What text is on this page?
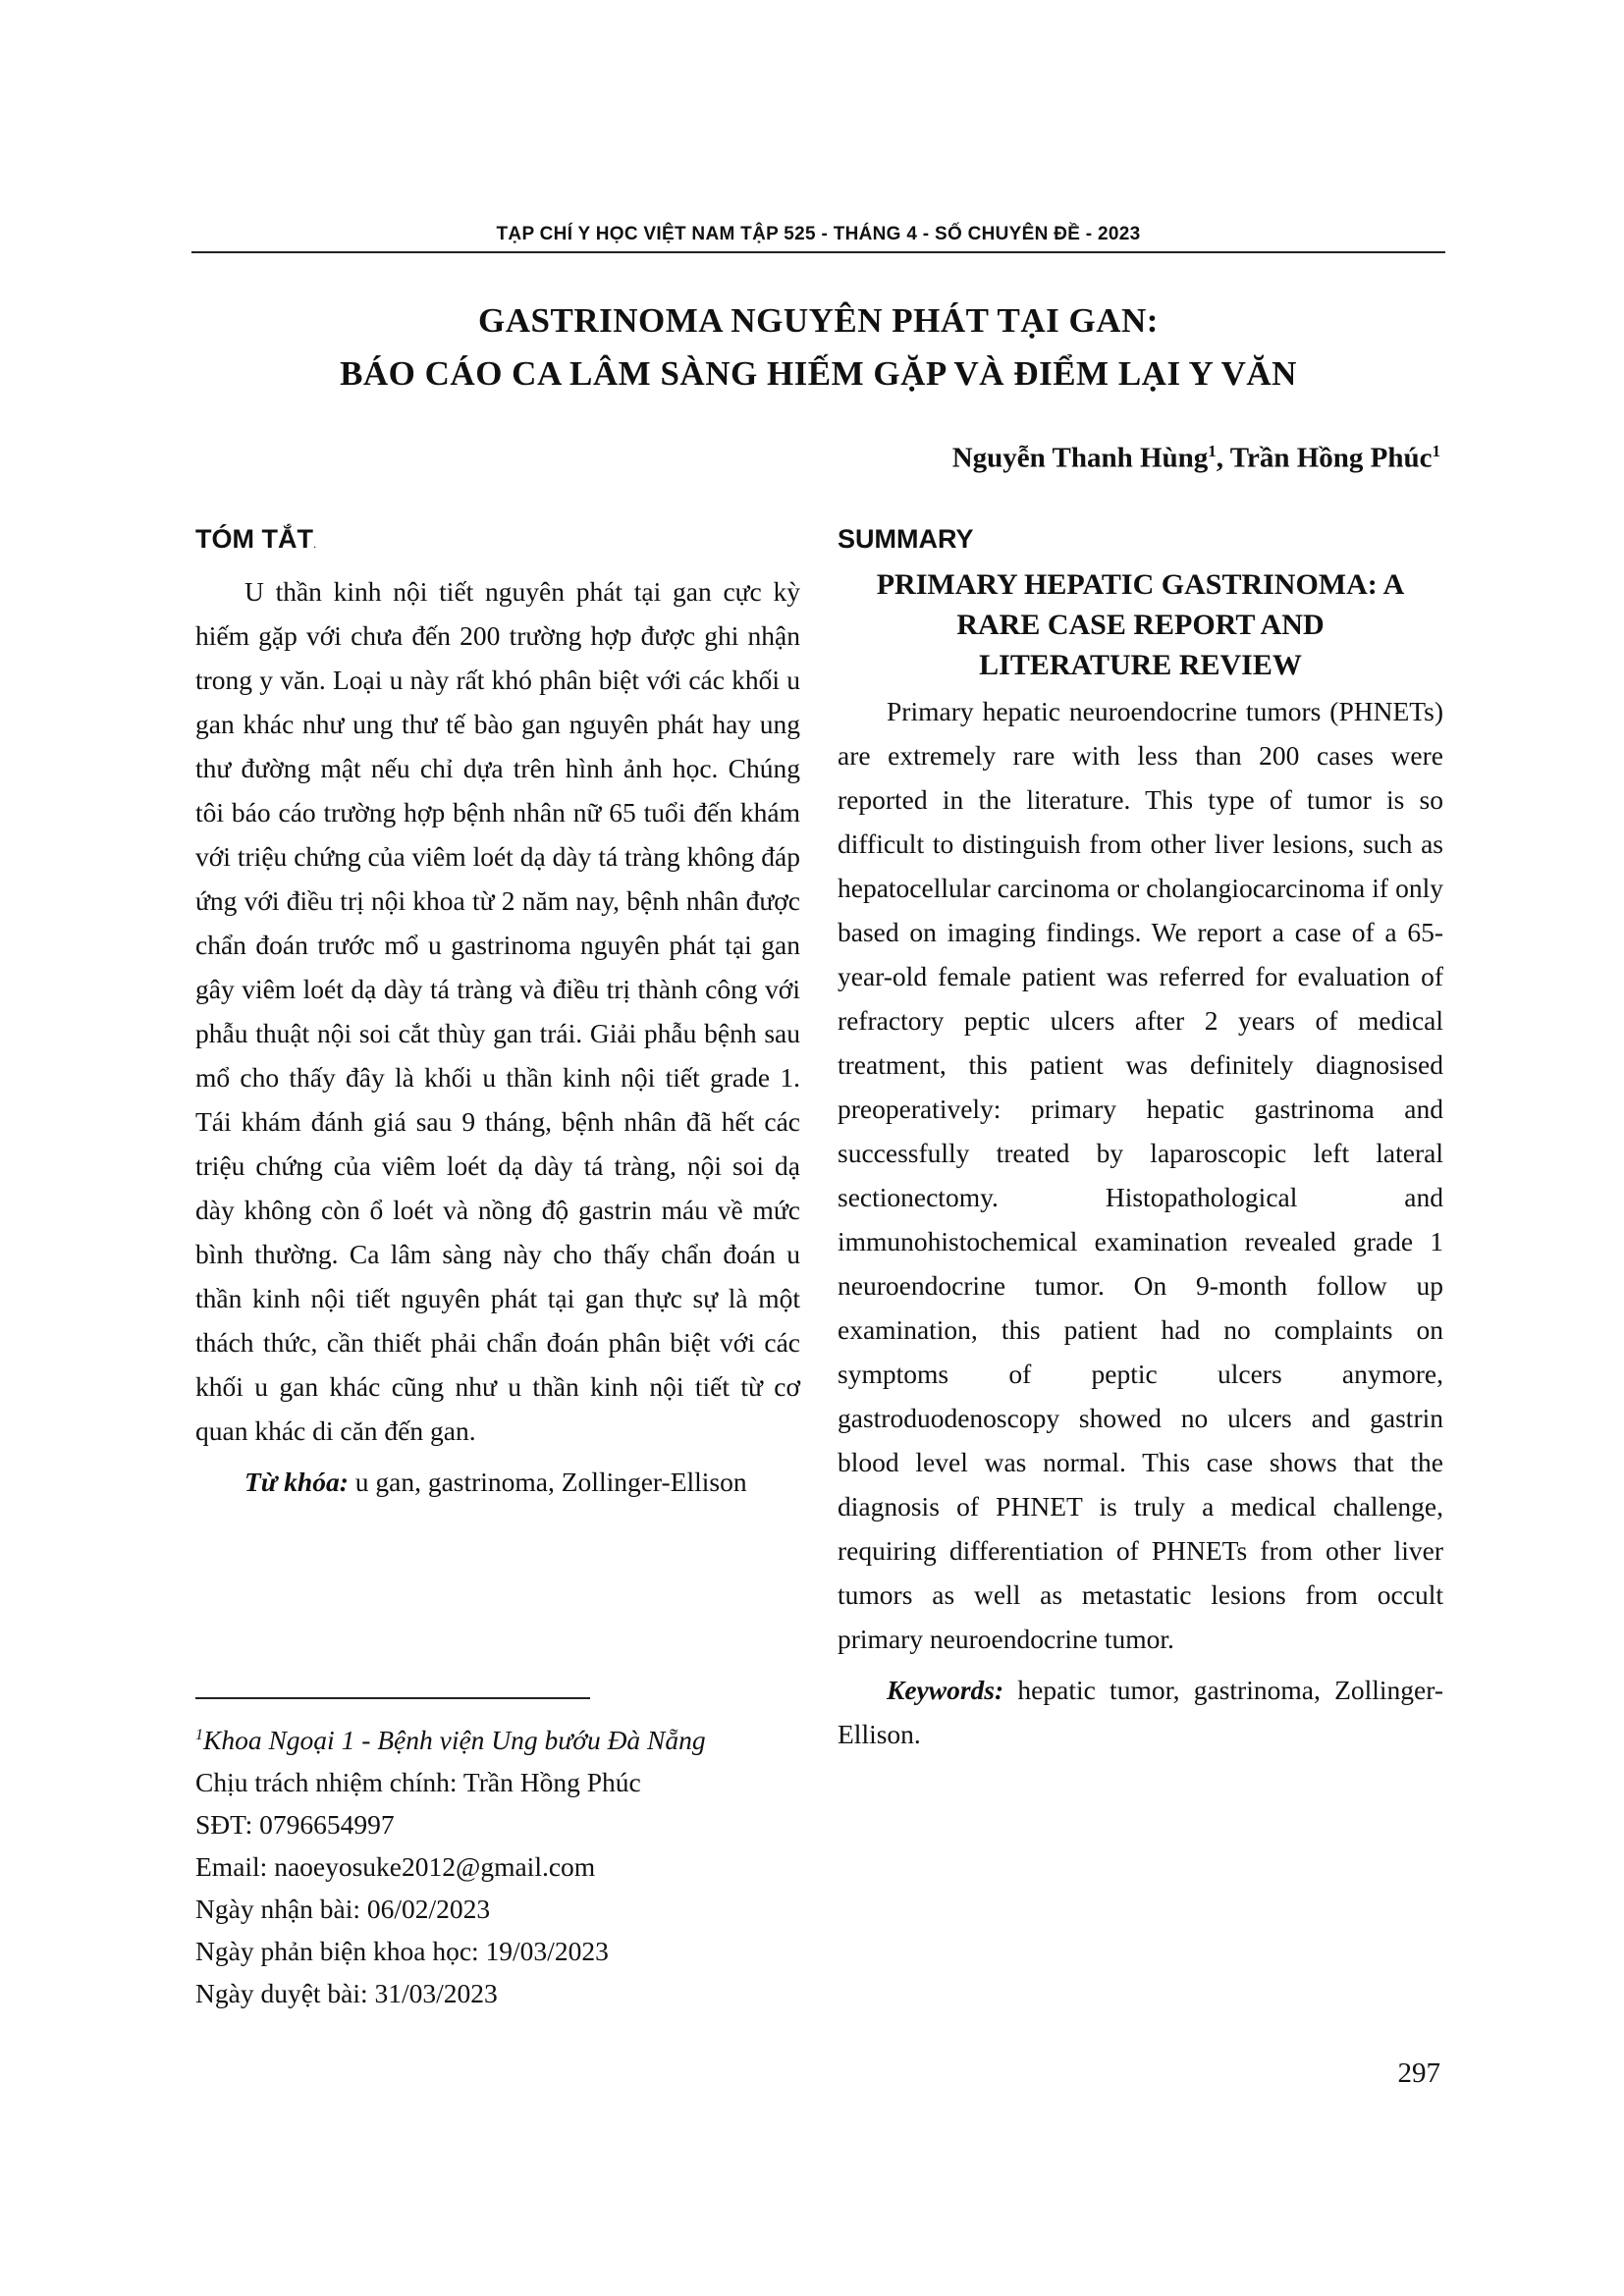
TẠP CHÍ Y HỌC VIỆT NAM TẬP 525 - THÁNG 4 - SỐ CHUYÊN ĐỀ - 2023
GASTRINOMA NGUYÊN PHÁT TẠI GAN:
BÁO CÁO CA LÂM SÀNG HIẾM GẶP VÀ ĐIỂM LẠI Y VĂN
Nguyễn Thanh Hùng$^1$, Trần Hồng Phúc$^1$
TÓM TẮT.

U thần kinh nội tiết nguyên phát tại gan cực kỳ hiếm gặp với chưa đến 200 trường hợp được ghi nhận trong y văn. Loại u này rất khó phân biệt với các khối u gan khác như ung thư tế bào gan nguyên phát hay ung thư đường mật nếu chỉ dựa trên hình ảnh học. Chúng tôi báo cáo trường hợp bệnh nhân nữ 65 tuổi đến khám với triệu chứng của viêm loét dạ dày tá tràng không đáp ứng với điều trị nội khoa từ 2 năm nay, bệnh nhân được chẩn đoán trước mổ u gastrinoma nguyên phát tại gan gây viêm loét dạ dày tá tràng và điều trị thành công với phẫu thuật nội soi cắt thùy gan trái. Giải phẫu bệnh sau mổ cho thấy đây là khối u thần kinh nội tiết grade 1. Tái khám đánh giá sau 9 tháng, bệnh nhân đã hết các triệu chứng của viêm loét dạ dày tá tràng, nội soi dạ dày không còn ổ loét và nồng độ gastrin máu về mức bình thường. Ca lâm sàng này cho thấy chẩn đoán u thần kinh nội tiết nguyên phát tại gan thực sự là một thách thức, cần thiết phải chẩn đoán phân biệt với các khối u gan khác cũng như u thần kinh nội tiết từ cơ quan khác di căn đến gan.

Từ khóa: u gan, gastrinoma, Zollinger-Ellison

SUMMARY
PRIMARY HEPATIC GASTRINOMA: A
RARE CASE REPORT AND
LITERATURE REVIEW

Primary hepatic neuroendocrine tumors (PHNETs) are extremely rare with less than 200 cases were reported in the literature. This type of tumor is so difficult to distinguish from other liver lesions, such as hepatocellular carcinoma or cholangiocarcinoma if only based on imaging findings. We report a case of a 65-year-old female patient was referred for evaluation of refractory peptic ulcers after 2 years of medical treatment, this patient was definitely diagnosised preoperatively: primary hepatic gastrinoma and successfully treated by laparoscopic left lateral sectionectomy. Histopathological and immunohistochemical examination revealed grade 1 neuroendocrine tumor. On 9-month follow up examination, this patient had no complaints on symptoms of peptic ulcers anymore, gastroduodenoscopy showed no ulcers and gastrin blood level was normal. This case shows that the diagnosis of PHNET is truly a medical challenge, requiring differentiation of PHNETs from other liver tumors as well as metastatic lesions from occult primary neuroendocrine tumor.

Keywords: hepatic tumor, gastrinoma, Zollinger-Ellison.

$^1$Khoa Ngoại 1 - Bệnh viện Ung bướu Đà Nẵng
Chịu trách nhiệm chính: Trần Hồng Phúc
SĐT: 0796654997
Email: naoeyosuke2012@gmail.com
Ngày nhận bài: 06/02/2023
Ngày phản biện khoa học: 19/03/2023
Ngày duyệt bài: 31/03/2023
297
